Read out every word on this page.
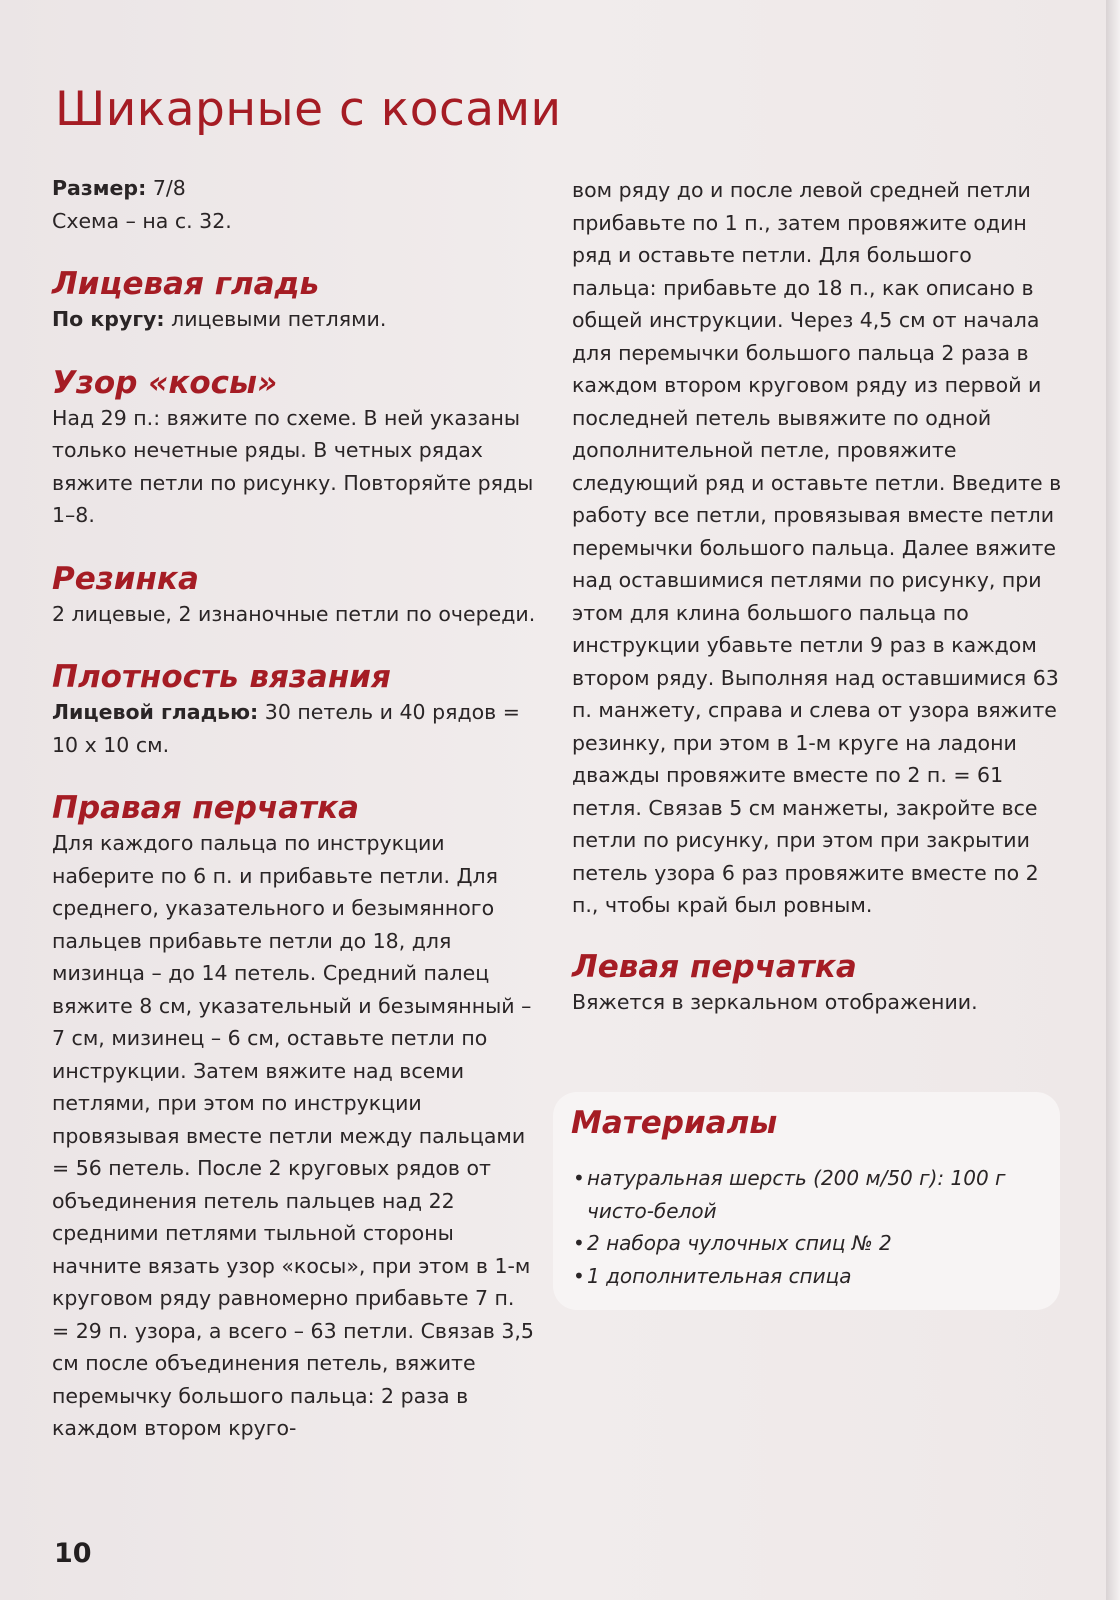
Шикарные с косами

Размер: 7/8

Схема – на с. 32.

Лицевая гладь

По кругу: лицевыми петлями.

Узор «косы»

Над 29 п.: вяжите по схеме. В ней указаны только нечетные ряды. В четных рядах вяжите петли по рисунку. Повторяйте ряды 1–8.

Резинка

2 лицевые, 2 изнаночные петли по очереди.

Плотность вязания

Лицевой гладью: 30 петель и 40 рядов = 10 х 10 см.

Правая перчатка

Для каждого пальца по инструкции наберите по 6 п. и прибавьте петли. Для среднего, указательного и безымянного пальцев прибавьте петли до 18, для мизинца – до 14 петель. Средний палец вяжите 8 см, указательный и безымянный – 7 см, мизинец – 6 см, оставьте петли по инструкции. Затем вяжите над всеми петлями, при этом по инструкции провязывая вместе петли между пальцами = 56 петель. После 2 круговых рядов от объединения петель пальцев над 22 средними петлями тыльной стороны начните вязать узор «косы», при этом в 1-м круговом ряду равномерно прибавьте 7 п. = 29 п. узора, а всего – 63 петли. Связав 3,5 см после объединения петель, вяжите перемычку большого пальца: 2 раза в каждом втором круго-

вом ряду до и после левой средней петли прибавьте по 1 п., затем провяжите один ряд и оставьте петли. Для большого пальца: прибавьте до 18 п., как описано в общей инструкции. Через 4,5 см от начала для перемычки большого пальца 2 раза в каждом втором круговом ряду из первой и последней петель вывяжите по одной дополнительной петле, провяжите следующий ряд и оставьте петли. Введите в работу все петли, провязывая вместе петли перемычки большого пальца. Далее вяжите над оставшимися петлями по рисунку, при этом для клина большого пальца по инструкции убавьте петли 9 раз в каждом втором ряду. Выполняя над оставшимися 63 п. манжету, справа и слева от узора вяжите резинку, при этом в 1-м круге на ладони дважды провяжите вместе по 2 п. = 61 петля. Связав 5 см манжеты, закройте все петли по рисунку, при этом при закрытии петель узора 6 раз провяжите вместе по 2 п., чтобы край был ровным.

Левая перчатка

Вяжется в зеркальном отображении.

Материалы
• натуральная шерсть (200 м/50 г): 100 г чисто-белой
• 2 набора чулочных спиц № 2
• 1 дополнительная спица
10
